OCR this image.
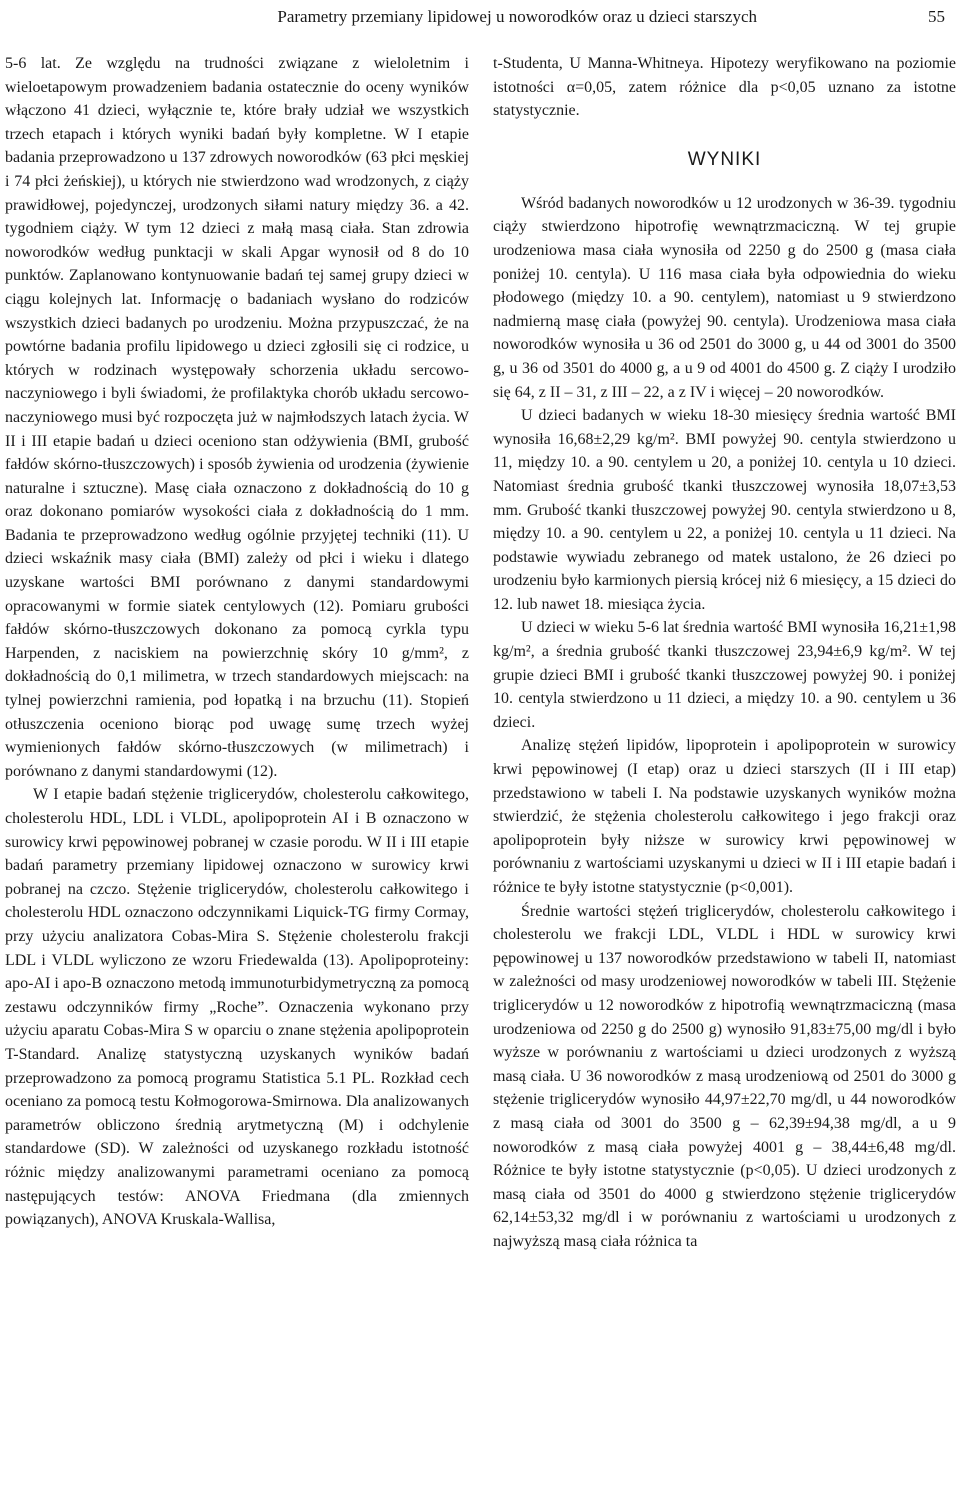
Parametry przemiany lipidowej u noworodków oraz u dzieci starszych	55

5-6 lat. Ze względu na trudności związane z wieloletnim i wieloetapowym prowadzeniem badania ostatecznie do oceny wyników włączono 41 dzieci, wyłącznie te, które brały udział we wszystkich trzech etapach i których wyniki badań były kompletne. W I etapie badania przeprowadzono u 137 zdrowych noworodków (63 płci męskiej i 74 płci żeńskiej), u których nie stwierdzono wad wrodzonych, z ciąży prawidłowej, pojedynczej, urodzonych siłami natury między 36. a 42. tygodniem ciąży. W tym 12 dzieci z małą masą ciała. Stan zdrowia noworodków według punktacji w skali Apgar wynosił od 8 do 10 punktów. Zaplanowano kontynuowanie badań tej samej grupy dzieci w ciągu kolejnych lat. Informację o badaniach wysłano do rodziców wszystkich dzieci badanych po urodzeniu. Można przypuszczać, że na powtórne badania profilu lipidowego u dzieci zgłosili się ci rodzice, u których w rodzinach występowały schorzenia układu sercowo-naczyniowego i byli świadomi, że profilaktyka chorób układu sercowo-naczyniowego musi być rozpoczęta już w najmłodszych latach życia. W II i III etapie badań u dzieci oceniono stan odżywienia (BMI, grubość fałdów skórno-tłuszczowych) i sposób żywienia od urodzenia (żywienie naturalne i sztuczne). Masę ciała oznaczono z dokładnością do 10 g oraz dokonano pomiarów wysokości ciała z dokładnością do 1 mm. Badania te przeprowadzono według ogólnie przyjętej techniki (11). U dzieci wskaźnik masy ciała (BMI) zależy od płci i wieku i dlatego uzyskane wartości BMI porównano z danymi standardowymi opracowanymi w formie siatek centylowych (12). Pomiaru grubości fałdów skórno-tłuszczowych dokonano za pomocą cyrkla typu Harpenden, z naciskiem na powierzchnię skóry 10 g/mm², z dokładnością do 0,1 milimetra, w trzech standardowych miejscach: na tylnej powierzchni ramienia, pod łopatką i na brzuchu (11). Stopień otłuszczenia oceniono biorąc pod uwagę sumę trzech wyżej wymienionych fałdów skórno-tłuszczowych (w milimetrach) i porównano z danymi standardowymi (12).

W I etapie badań stężenie triglicerydów, cholesterolu całkowitego, cholesterolu HDL, LDL i VLDL, apolipoprotein AI i B oznaczono w surowicy krwi pępowinowej pobranej w czasie porodu. W II i III etapie badań parametry przemiany lipidowej oznaczono w surowicy krwi pobranej na czczo. Stężenie triglicerydów, cholesterolu całkowitego i cholesterolu HDL oznaczono odczynnikami Liquick-TG firmy Cormay, przy użyciu analizatora Cobas-Mira S. Stężenie cholesterolu frakcji LDL i VLDL wyliczono ze wzoru Friedewalda (13). Apolipoproteiny: apo-AI i apo-B oznaczono metodą immunoturbidymetryczną za pomocą zestawu odczynników firmy „Roche”. Oznaczenia wykonano przy użyciu aparatu Cobas-Mira S w oparciu o znane stężenia apolipoprotein T-Standard. Analizę statystyczną uzyskanych wyników badań przeprowadzono za pomocą programu Statistica 5.1 PL. Rozkład cech oceniano za pomocą testu Kołmogorowa-Smirnowa. Dla analizowanych parametrów obliczono średnią arytmetyczną (M) i odchylenie standardowe (SD). W zależności od uzyskanego rozkładu istotność różnic między analizowanymi parametrami oceniano za pomocą następujących testów: ANOVA Friedmana (dla zmiennych powiązanych), ANOVA Kruskala-Wallisa,

t-Studenta, U Manna-Whitneya. Hipotezy weryfikowano na poziomie istotności α=0,05, zatem różnice dla p<0,05 uznano za istotne statystycznie.

WYNIKI

Wśród badanych noworodków u 12 urodzonych w 36-39. tygodniu ciąży stwierdzono hipotrofię wewnątrzmaciczną. W tej grupie urodzeniowa masa ciała wynosiła od 2250 g do 2500 g (masa ciała poniżej 10. centyla). U 116 masa ciała była odpowiednia do wieku płodowego (między 10. a 90. centylem), natomiast u 9 stwierdzono nadmierną masę ciała (powyżej 90. centyla). Urodzeniowa masa ciała noworodków wynosiła u 36 od 2501 do 3000 g, u 44 od 3001 do 3500 g, u 36 od 3501 do 4000 g, a u 9 od 4001 do 4500 g. Z ciąży I urodziło się 64, z II – 31, z III – 22, a z IV i więcej – 20 noworodków.

U dzieci badanych w wieku 18-30 miesięcy średnia wartość BMI wynosiła 16,68±2,29 kg/m². BMI powyżej 90. centyla stwierdzono u 11, między 10. a 90. centylem u 20, a poniżej 10. centyla u 10 dzieci. Natomiast średnia grubość tkanki tłuszczowej wynosiła 18,07±3,53 mm. Grubość tkanki tłuszczowej powyżej 90. centyla stwierdzono u 8, między 10. a 90. centylem u 22, a poniżej 10. centyla u 11 dzieci. Na podstawie wywiadu zebranego od matek ustalono, że 26 dzieci po urodzeniu było karmionych piersią krócej niż 6 miesięcy, a 15 dzieci do 12. lub nawet 18. miesiąca życia.

U dzieci w wieku 5-6 lat średnia wartość BMI wynosiła 16,21±1,98 kg/m², a średnia grubość tkanki tłuszczowej 23,94±6,9 kg/m². W tej grupie dzieci BMI i grubość tkanki tłuszczowej powyżej 90. i poniżej 10. centyla stwierdzono u 11 dzieci, a między 10. a 90. centylem u 36 dzieci.

Analizę stężeń lipidów, lipoprotein i apolipoprotein w surowicy krwi pępowinowej (I etap) oraz u dzieci starszych (II i III etap) przedstawiono w tabeli I. Na podstawie uzyskanych wyników można stwierdzić, że stężenia cholesterolu całkowitego i jego frakcji oraz apolipoprotein były niższe w surowicy krwi pępowinowej w porównaniu z wartościami uzyskanymi u dzieci w II i III etapie badań i różnice te były istotne statystycznie (p<0,001).

Średnie wartości stężeń triglicerydów, cholesterolu całkowitego i cholesterolu we frakcji LDL, VLDL i HDL w surowicy krwi pępowinowej u 137 noworodków przedstawiono w tabeli II, natomiast w zależności od masy urodzeniowej noworodków w tabeli III. Stężenie triglicerydów u 12 noworodków z hipotrofią wewnątrzmaciczną (masa urodzeniowa od 2250 g do 2500 g) wynosiło 91,83±75,00 mg/dl i było wyższe w porównaniu z wartościami u dzieci urodzonych z wyższą masą ciała. U 36 noworodków z masą urodzeniową od 2501 do 3000 g stężenie triglicerydów wynosiło 44,97±22,70 mg/dl, u 44 noworodków z masą ciała od 3001 do 3500 g – 62,39±94,38 mg/dl, a u 9 noworodków z masą ciała powyżej 4001 g – 38,44±6,48 mg/dl. Różnice te były istotne statystycznie (p<0,05). U dzieci urodzonych z masą ciała od 3501 do 4000 g stwierdzono stężenie triglicerydów 62,14±53,32 mg/dl i w porównaniu z wartościami u urodzonych z najwyższą masą ciała różnica ta
